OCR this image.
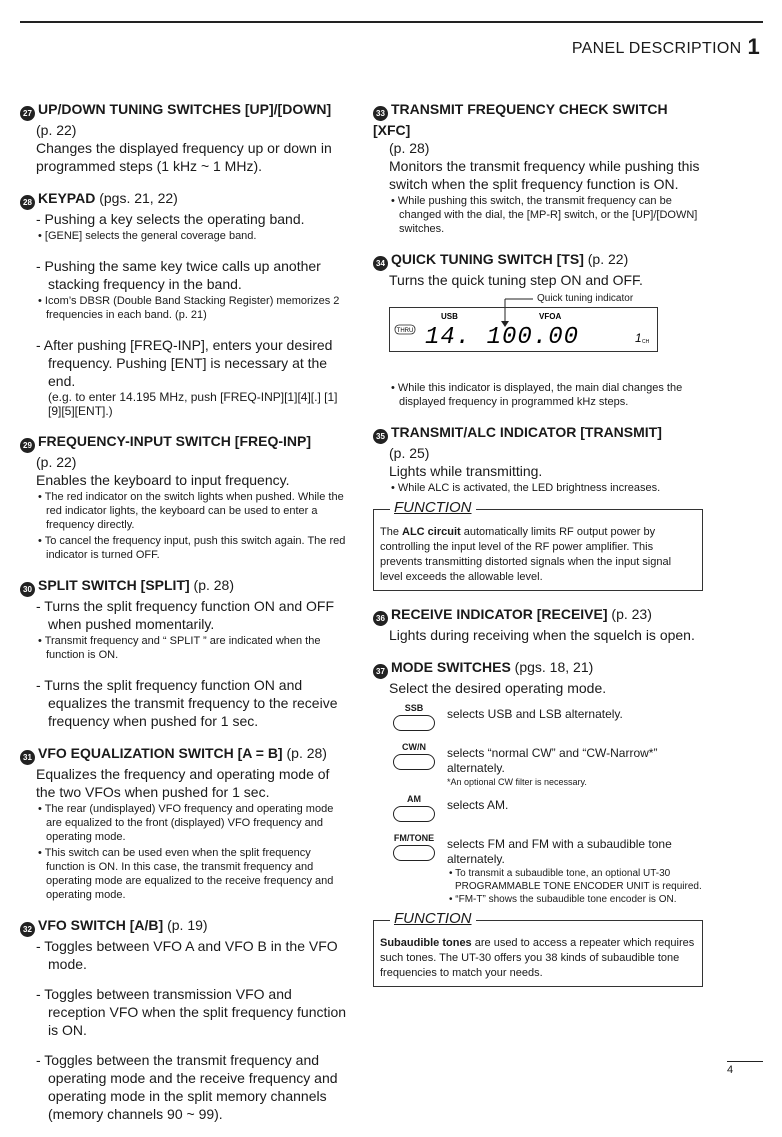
PANEL DESCRIPTION 1
27 UP/DOWN TUNING SWITCHES [UP]/[DOWN]
(p. 22)
Changes the displayed frequency up or down in programmed steps (1 kHz ~ 1 MHz).
28 KEYPAD (pgs. 21, 22)
- Pushing a key selects the operating band.
• [GENE] selects the general coverage band.
- Pushing the same key twice calls up another stacking frequency in the band.
• Icom’s DBSR (Double Band Stacking Register) memorizes 2 frequencies in each band. (p. 21)
- After pushing [FREQ-INP], enters your desired frequency. Pushing [ENT] is necessary at the end.
(e.g. to enter 14.195 MHz, push [FREQ-INP][1][4][.] [1][9][5][ENT].)
29 FREQUENCY-INPUT SWITCH [FREQ-INP]
(p. 22)
Enables the keyboard to input frequency.
• The red indicator on the switch lights when pushed. While the red indicator lights, the keyboard can be used to enter a frequency directly.
• To cancel the frequency input, push this switch again. The red indicator is turned OFF.
30 SPLIT SWITCH [SPLIT] (p. 28)
- Turns the split frequency function ON and OFF when pushed momentarily.
• Transmit frequency and “ SPLIT ” are indicated when the function is ON.
- Turns the split frequency function ON and equalizes the transmit frequency to the receive frequency when pushed for 1 sec.
31 VFO EQUALIZATION SWITCH [A = B] (p. 28)
Equalizes the frequency and operating mode of the two VFOs when pushed for 1 sec.
• The rear (undisplayed) VFO frequency and operating mode are equalized to the front (displayed) VFO frequency and operating mode.
• This switch can be used even when the split frequency function is ON. In this case, the transmit frequency and operating mode are equalized to the receive frequency and operating mode.
32 VFO SWITCH [A/B] (p. 19)
- Toggles between VFO A and VFO B in the VFO mode.
- Toggles between transmission VFO and reception VFO when the split frequency function is ON.
- Toggles between the transmit frequency and operating mode and the receive frequency and operating mode in the split memory channels (memory channels 90 ~ 99).
33 TRANSMIT FREQUENCY CHECK SWITCH [XFC]
(p. 28)
Monitors the transmit frequency while pushing this switch when the split frequency function is ON.
• While pushing this switch, the transmit frequency can be changed with the dial, the [MP-R] switch, or the [UP]/[DOWN] switches.
34 QUICK TUNING SWITCH [TS] (p. 22)
Turns the quick tuning step ON and OFF.
USB	VFOA
THRU 14. 100.00	1 CH
Quick tuning indicator
• While this indicator is displayed, the main dial changes the displayed frequency in programmed kHz steps.
35 TRANSMIT/ALC INDICATOR [TRANSMIT]
(p. 25)
Lights while transmitting.
• While ALC is activated, the LED brightness increases.
FUNCTION
The ALC circuit automatically limits RF output power by controlling the input level of the RF power amplifier. This prevents transmitting distorted signals when the input signal level exceeds the allowable level.
36 RECEIVE INDICATOR [RECEIVE] (p. 23)
Lights during receiving when the squelch is open.
37 MODE SWITCHES (pgs. 18, 21)
Select the desired operating mode.
SSB	selects USB and LSB alternately.
CW/N	selects “normal CW” and “CW-Narrow*” alternately.
*An optional CW filter is necessary.
AM	selects AM.
FM/TONE	selects FM and FM with a subaudible tone alternately.
• To transmit a subaudible tone, an optional UT-30 PROGRAMMABLE TONE ENCODER UNIT is required.
• “FM-T” shows the subaudible tone encoder is ON.
FUNCTION
Subaudible tones are used to access a repeater which requires such tones. The UT-30 offers you 38 kinds of subaudible tone frequencies to match your needs.
4
